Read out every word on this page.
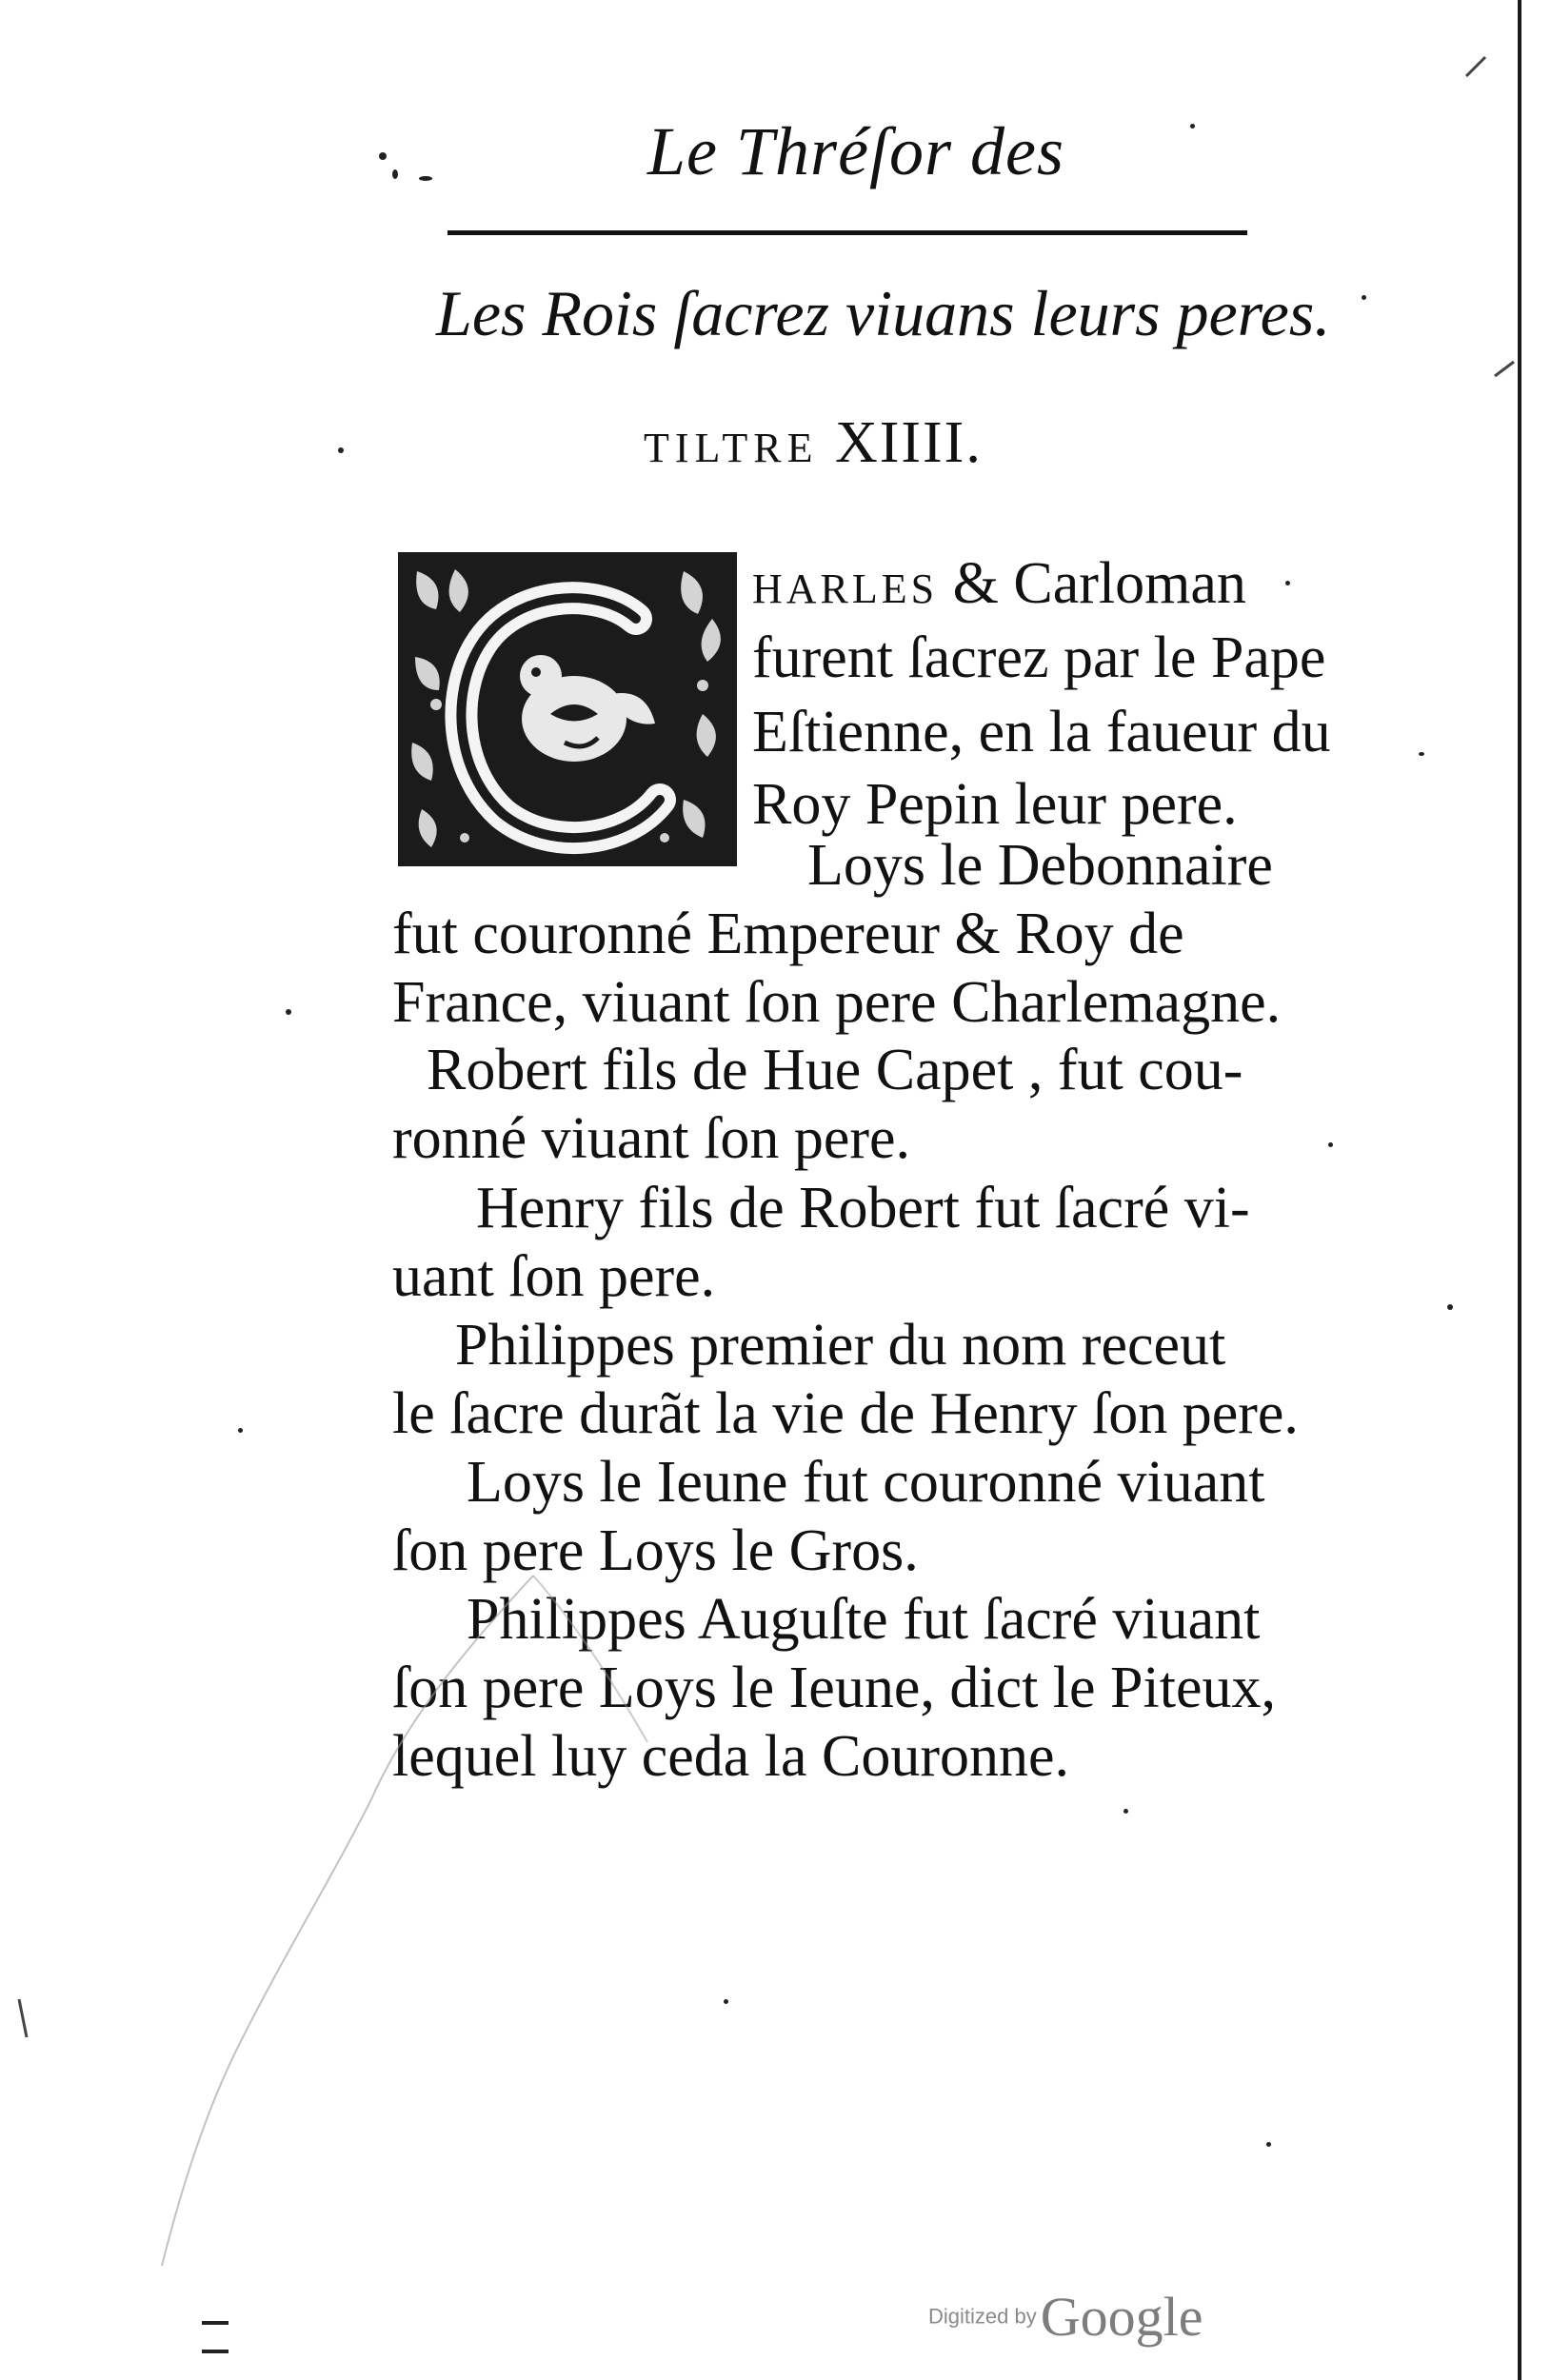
Le Thréſor des
Les Rois ſacrez viuans leurs peres.
TILTRE XIIII.
HARLES & Carloman
furent ſacrez par le Pape
Eſtienne, en la faueur du
Roy Pepin leur pere.
Loys le Debonnaire
fut couronné Empereur & Roy de
France, viuant ſon pere Charlemagne.
Robert fils de Hue Capet , fut cou-
ronné viuant ſon pere.
Henry fils de Robert fut ſacré vi-
uant ſon pere.
Philippes premier du nom receut
le ſacre durãt la vie de Henry ſon pere.
Loys le Ieune fut couronné viuant
ſon pere Loys le Gros.
Philippes Auguſte fut ſacré viuant
ſon pere Loys le Ieune, dict le Piteux,
lequel luy ceda la Couronne.
Digitized by Google
